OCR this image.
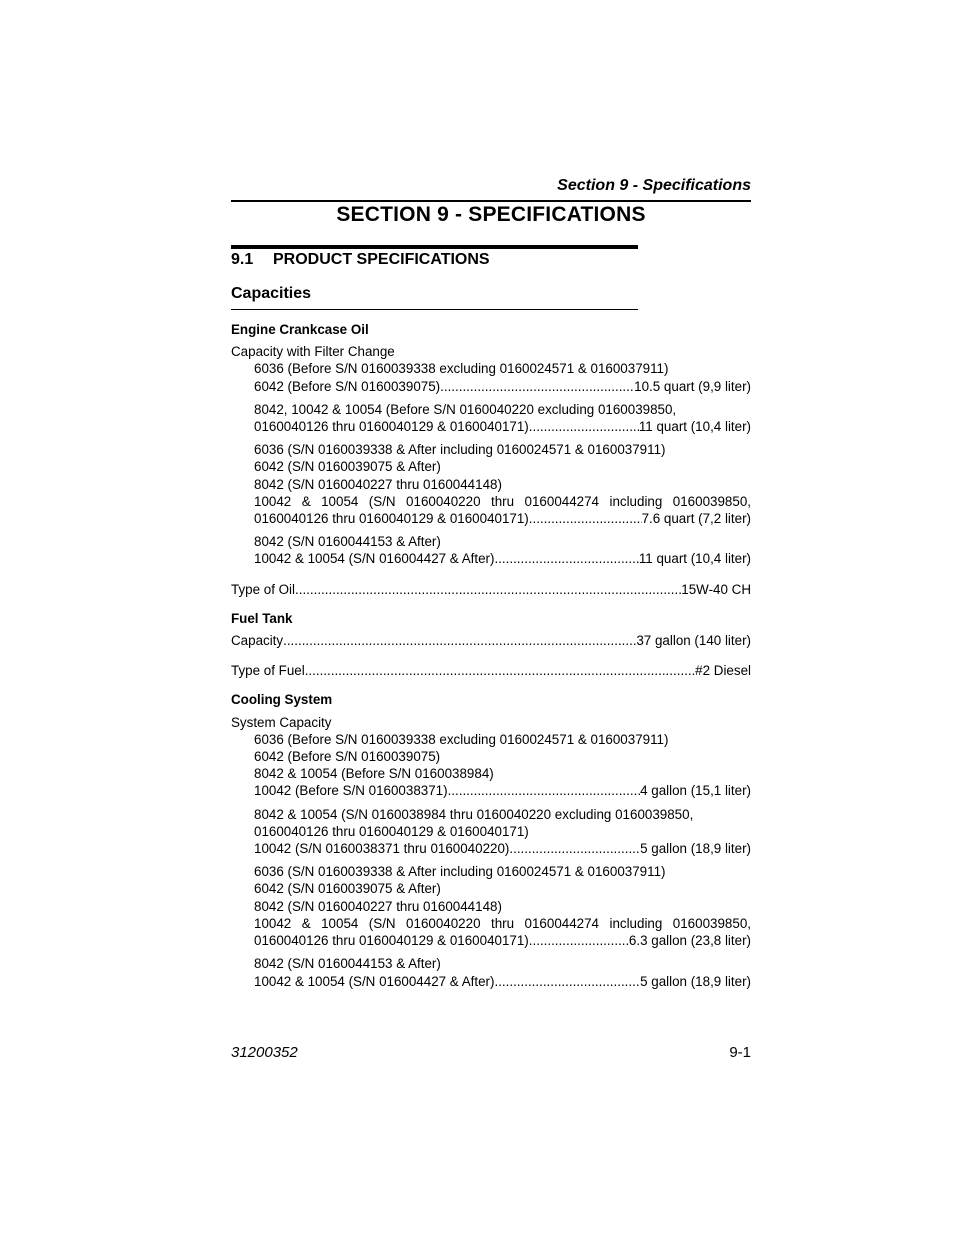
Section 9 - Specifications
SECTION 9 - SPECIFICATIONS
9.1 PRODUCT SPECIFICATIONS
Capacities
Engine Crankcase Oil
Capacity with Filter Change
6036 (Before S/N 0160039338 excluding 0160024571 & 0160037911)
6042 (Before S/N 0160039075) .....	10.5 quart (9,9 liter)
8042, 10042 & 10054 (Before S/N 0160040220 excluding 0160039850,
0160040126 thru 0160040129 & 0160040171) .....	11 quart (10,4 liter)
6036 (S/N 0160039338 & After including 0160024571 & 0160037911)
6042 (S/N 0160039075 & After)
8042 (S/N 0160040227 thru 0160044148)
10042 & 10054 (S/N 0160040220 thru 0160044274 including 0160039850,
0160040126 thru 0160040129 & 0160040171) .....	7.6 quart (7,2 liter)
8042 (S/N 0160044153 & After)
10042 & 10054 (S/N 016004427 & After) .....	11 quart (10,4 liter)
Type of Oil .....	15W-40 CH
Fuel Tank
Capacity .....	37 gallon (140 liter)
Type of Fuel .....	#2 Diesel
Cooling System
System Capacity
6036 (Before S/N 0160039338 excluding 0160024571 & 0160037911)
6042 (Before S/N 0160039075)
8042 & 10054 (Before S/N 0160038984)
10042 (Before S/N 0160038371) .....	4 gallon (15,1 liter)
8042 & 10054 (S/N 0160038984 thru 0160040220 excluding 0160039850,
0160040126 thru 0160040129 & 0160040171)
10042 (S/N 0160038371 thru 0160040220) .....	5 gallon (18,9 liter)
6036 (S/N 0160039338 & After including 0160024571 & 0160037911)
6042 (S/N 0160039075 & After)
8042 (S/N 0160040227 thru 0160044148)
10042 & 10054 (S/N 0160040220 thru 0160044274 including 0160039850,
0160040126 thru 0160040129 & 0160040171) .....	6.3 gallon (23,8 liter)
8042 (S/N 0160044153 & After)
10042 & 10054 (S/N 016004427 & After) .....	5 gallon (18,9 liter)
31200352	9-1
